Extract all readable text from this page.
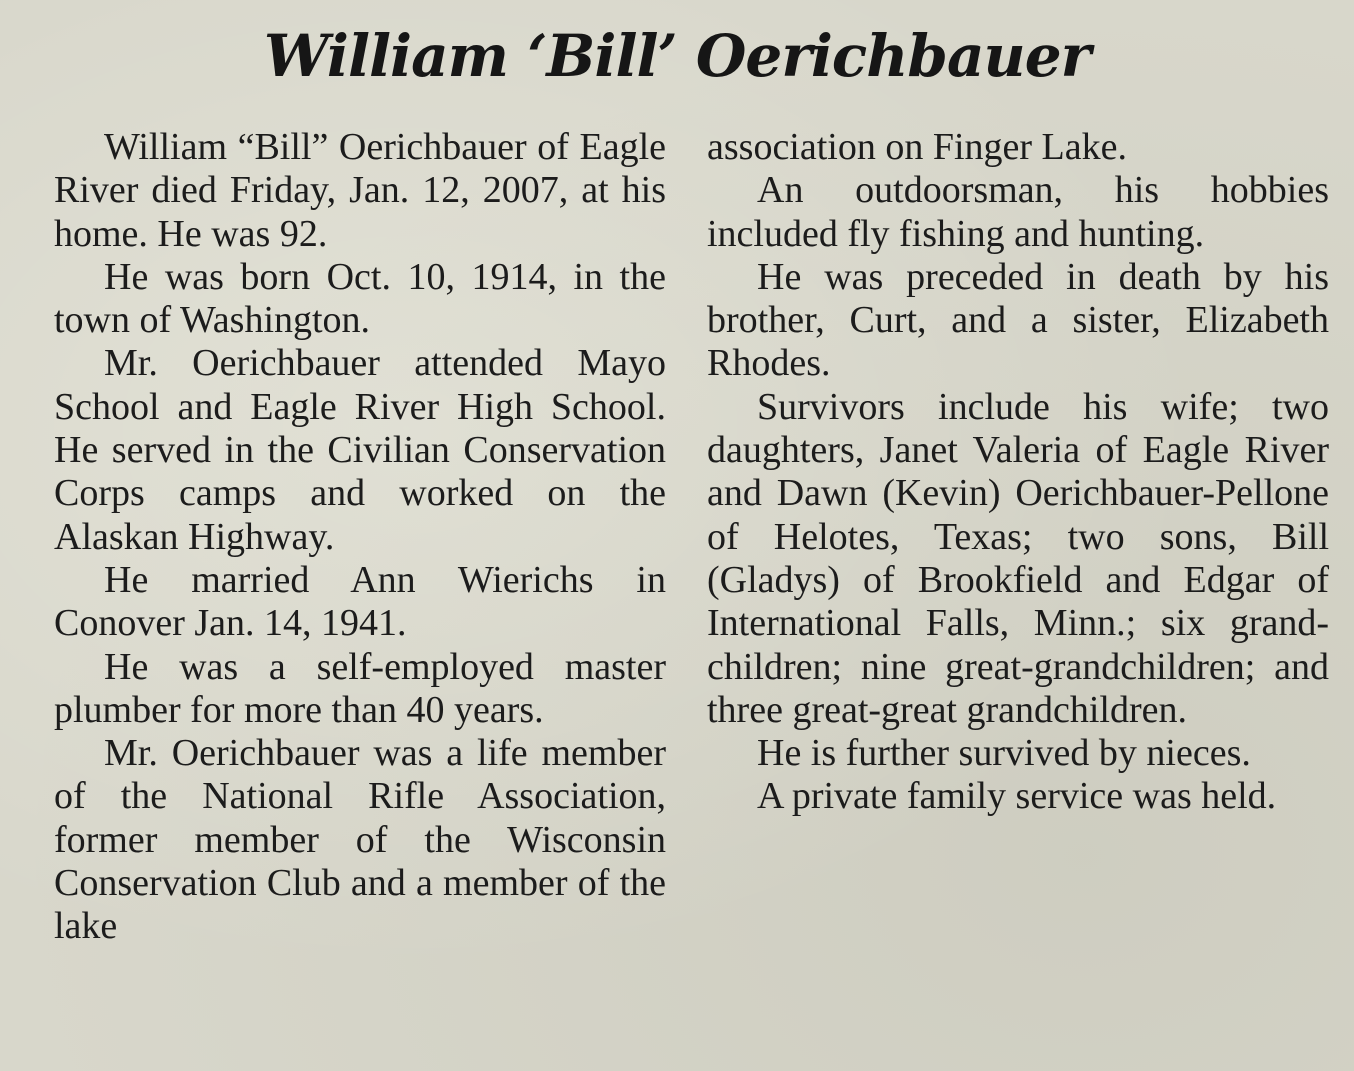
William ‘Bill’ Oerichbauer

William “Bill” Oerichbauer of Eagle River died Friday, Jan. 12, 2007, at his home. He was 92.

He was born Oct. 10, 1914, in the town of Washington.

Mr. Oerichbauer attended Mayo School and Eagle River High School. He served in the Civilian Conservation Corps camps and worked on the Alaskan Highway.

He married Ann Wierichs in Conover Jan. 14, 1941.

He was a self-employed master plumber for more than 40 years.

Mr. Oerichbauer was a life member of the National Rifle Association, former member of the Wisconsin Conservation Club and a member of the lake

association on Finger Lake.

An outdoorsman, his hobbies included fly fishing and hunting.

He was preceded in death by his brother, Curt, and a sister, Elizabeth Rhodes.

Survivors include his wife; two daughters, Janet Valeria of Eagle River and Dawn (Kevin) Oerichbauer-Pellone of Helotes, Texas; two sons, Bill (Gladys) of Brookfield and Edgar of International Falls, Minn.; six grandchildren; nine great-grandchildren; and three great-great grandchildren.

He is further survived by nieces.

A private family service was held.
